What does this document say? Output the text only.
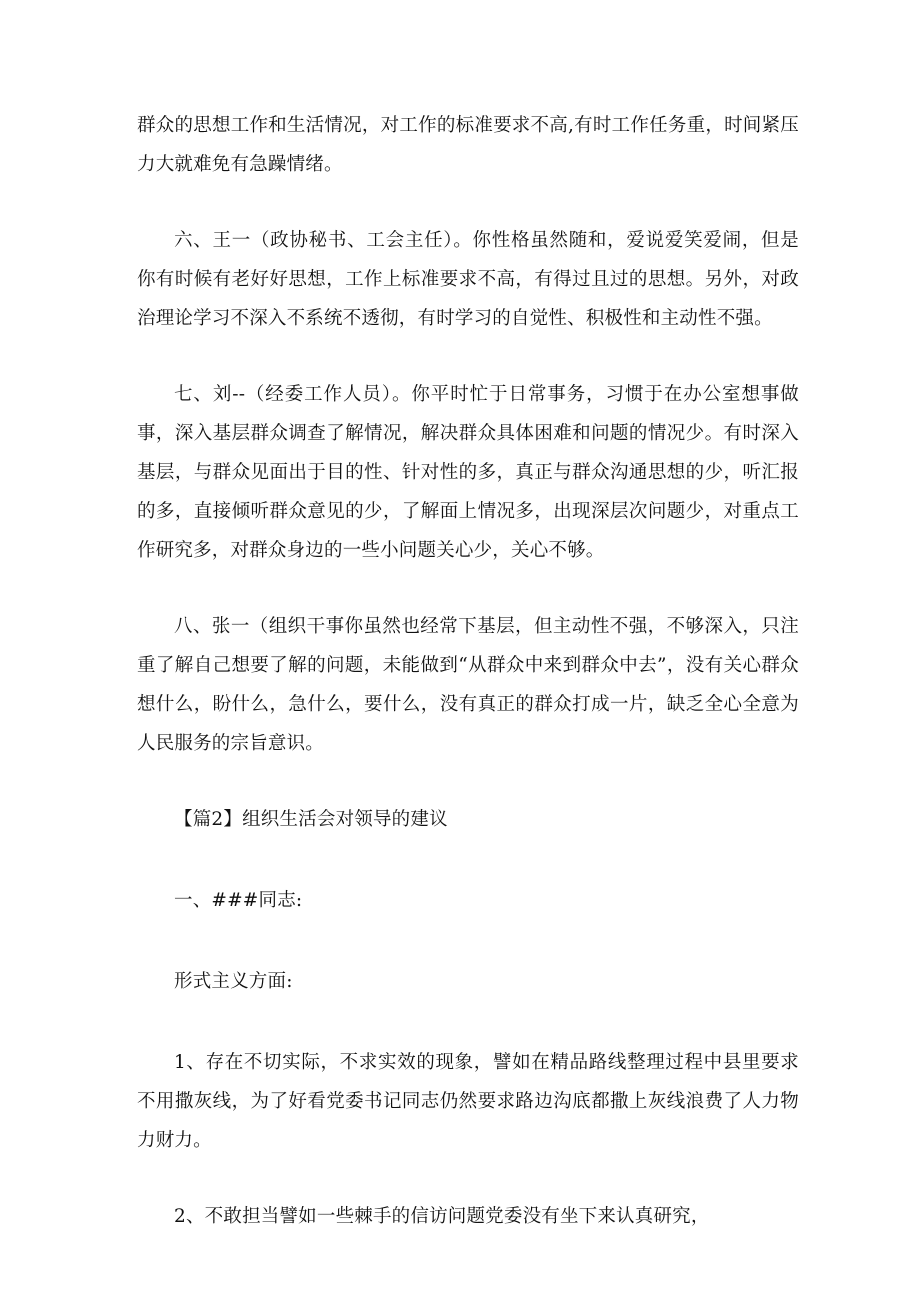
群众的思想工作和生活情况，对工作的标准要求不高,有时工作任务重，时间紧压力大就难免有急躁情绪。

六、王一（政协秘书、工会主任）。你性格虽然随和，爱说爱笑爱闹，但是你有时候有老好好思想，工作上标准要求不高，有得过且过的思想。另外，对政治理论学习不深入不系统不透彻，有时学习的自觉性、积极性和主动性不强。

七、刘--（经委工作人员）。你平时忙于日常事务，习惯于在办公室想事做事，深入基层群众调查了解情况，解决群众具体困难和问题的情况少。有时深入基层，与群众见面出于目的性、针对性的多，真正与群众沟通思想的少，听汇报的多，直接倾听群众意见的少，了解面上情况多，出现深层次问题少，对重点工作研究多，对群众身边的一些小问题关心少，关心不够。

八、张一（组织干事你虽然也经常下基层，但主动性不强，不够深入，只注重了解自己想要了解的问题，未能做到“从群众中来到群众中去”，没有关心群众想什么，盼什么，急什么，要什么，没有真正的群众打成一片，缺乏全心全意为人民服务的宗旨意识。

【篇2】组织生活会对领导的建议

一、###同志:

形式主义方面:

1、存在不切实际，不求实效的现象，譬如在精品路线整理过程中县里要求不用撒灰线，为了好看党委书记同志仍然要求路边沟底都撒上灰线浪费了人力物力财力。

2、不敢担当譬如一些棘手的信访问题党委没有坐下来认真研究，
